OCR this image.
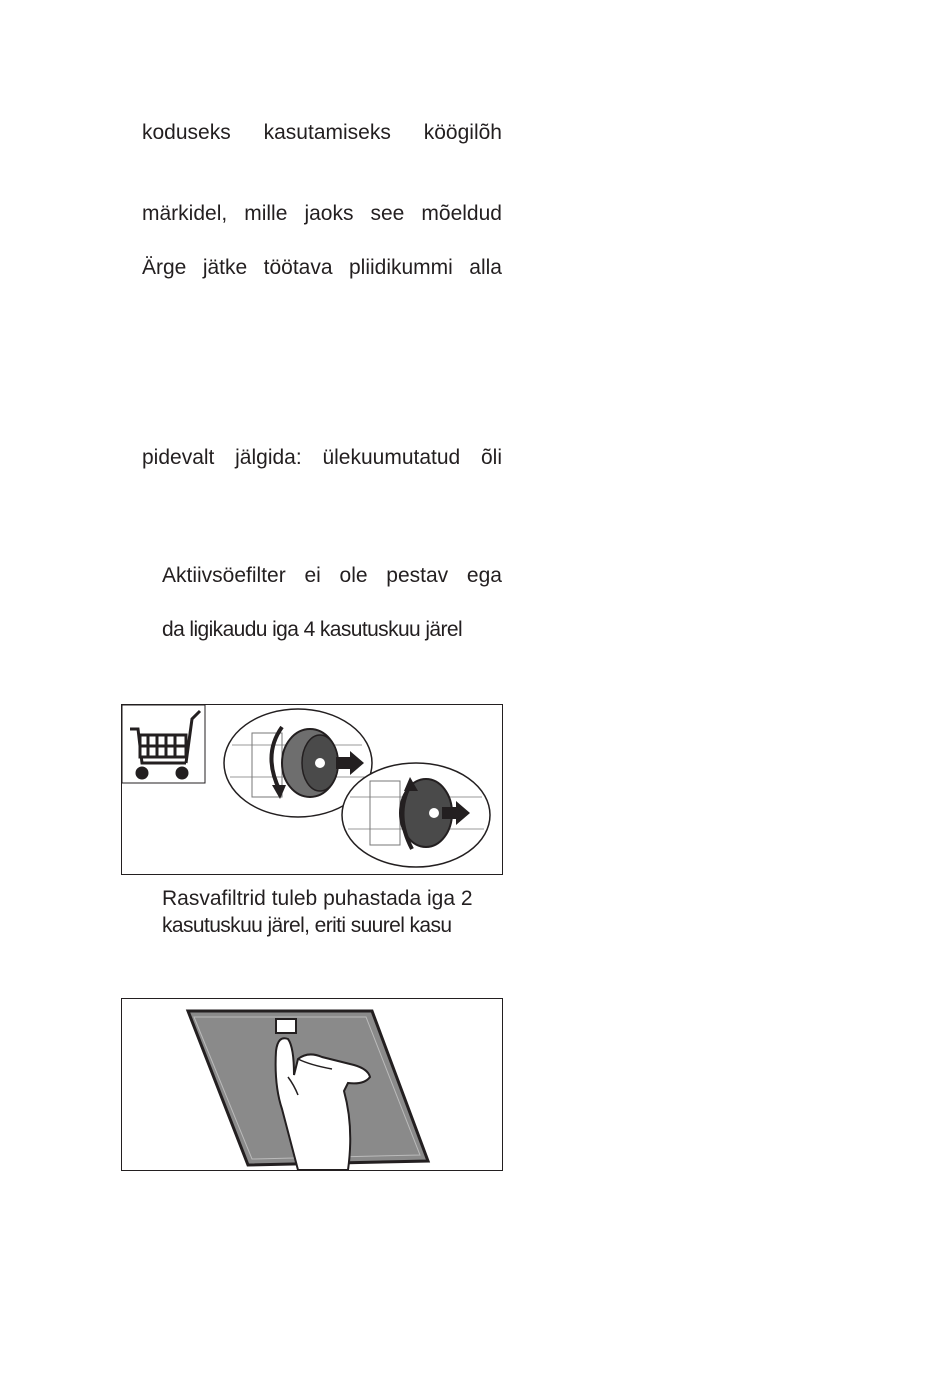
koduseks kasutamiseks köögilõh
märkidel, mille jaoks see mõeldud
Ärge jätke töötava pliidikummi alla
pidevalt jälgida: ülekuumutatud õli
Aktiivsöefilter ei ole pestav ega
da ligikaudu iga 4 kasutuskuu järel
Rasvafiltrid tuleb puhastada iga 2
kasutuskuu järel, eriti suurel kasu
